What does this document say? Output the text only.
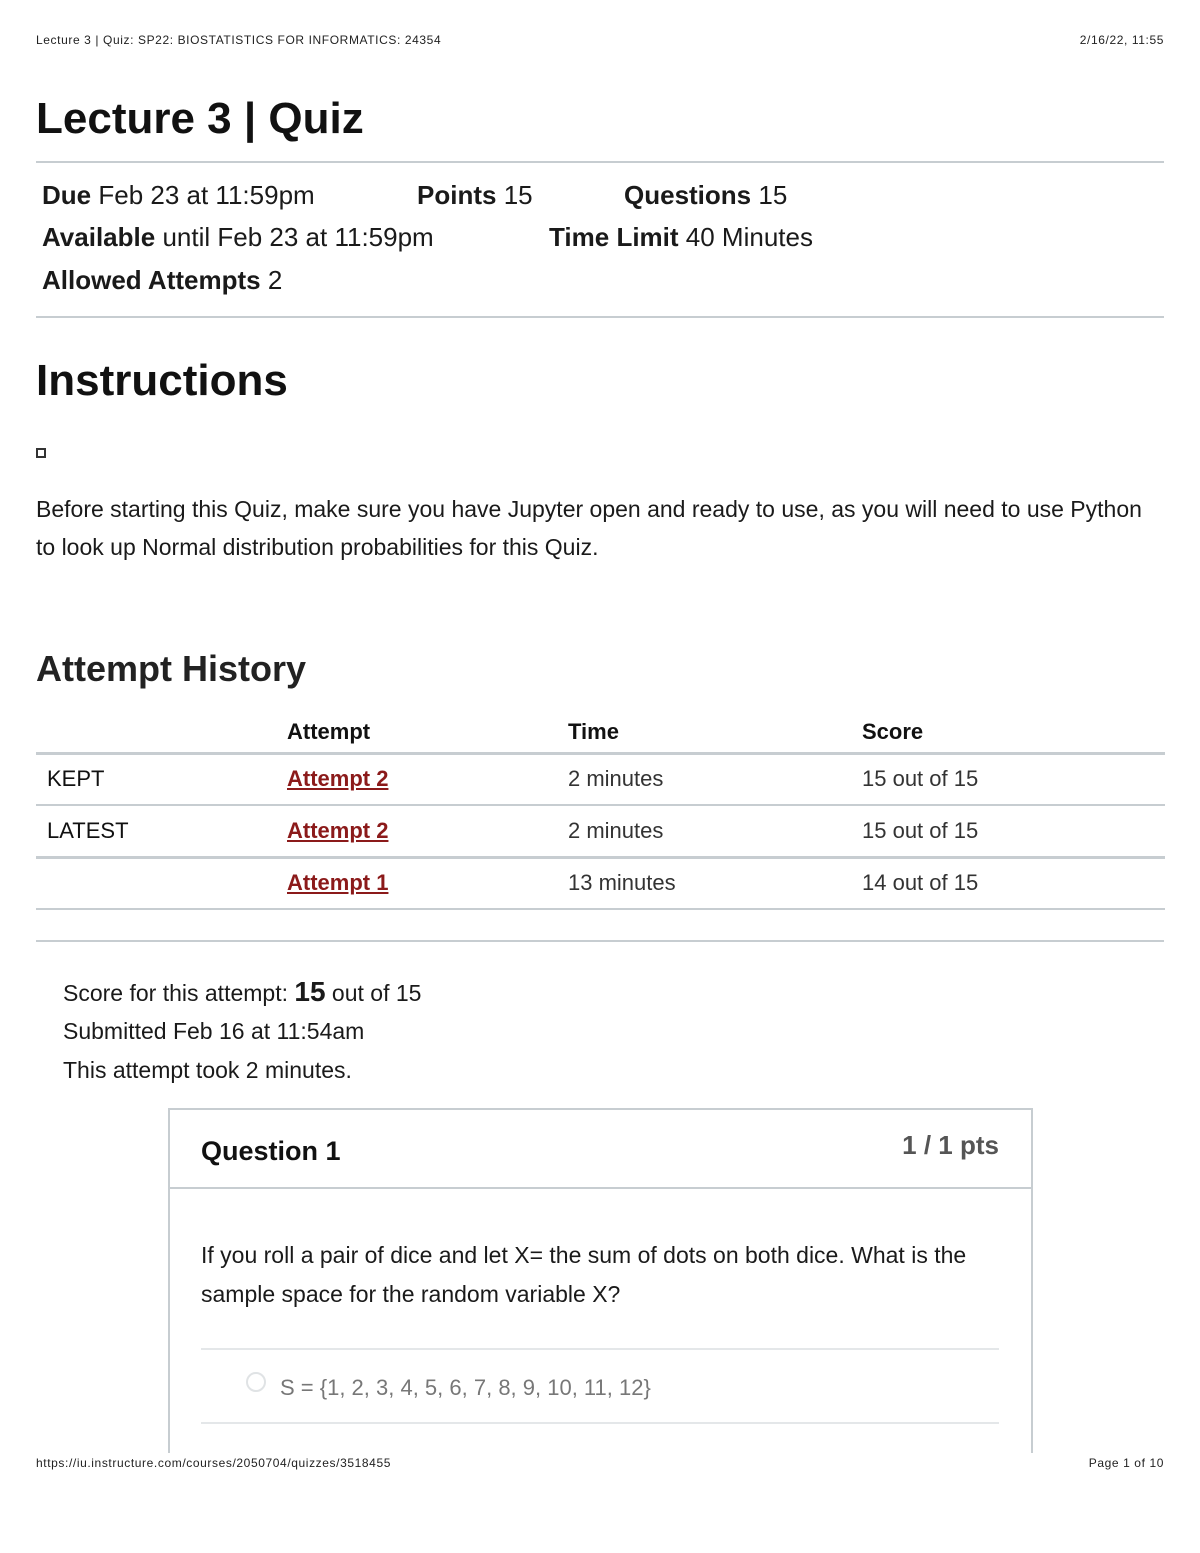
Lecture 3 | Quiz: SP22: BIOSTATISTICS FOR INFORMATICS: 24354	2/16/22, 11:55
Lecture 3 | Quiz
Due Feb 23 at 11:59pm	Points 15	Questions 15
Available until Feb 23 at 11:59pm	Time Limit 40 Minutes
Allowed Attempts 2
Instructions

Before starting this Quiz, make sure you have Jupyter open and ready to use, as you will need to use Python to look up Normal distribution probabilities for this Quiz.

Attempt History
	Attempt	Time	Score
KEPT	Attempt 2	2 minutes	15 out of 15
LATEST	Attempt 2	2 minutes	15 out of 15
	Attempt 1	13 minutes	14 out of 15
Score for this attempt: 15 out of 15
Submitted Feb 16 at 11:54am
This attempt took 2 minutes.
Question 1	1 / 1 pts

If you roll a pair of dice and let X= the sum of dots on both dice. What is the sample space for the random variable X?

S = {1, 2, 3, 4, 5, 6, 7, 8, 9, 10, 11, 12}
https://iu.instructure.com/courses/2050704/quizzes/3518455	Page 1 of 10
